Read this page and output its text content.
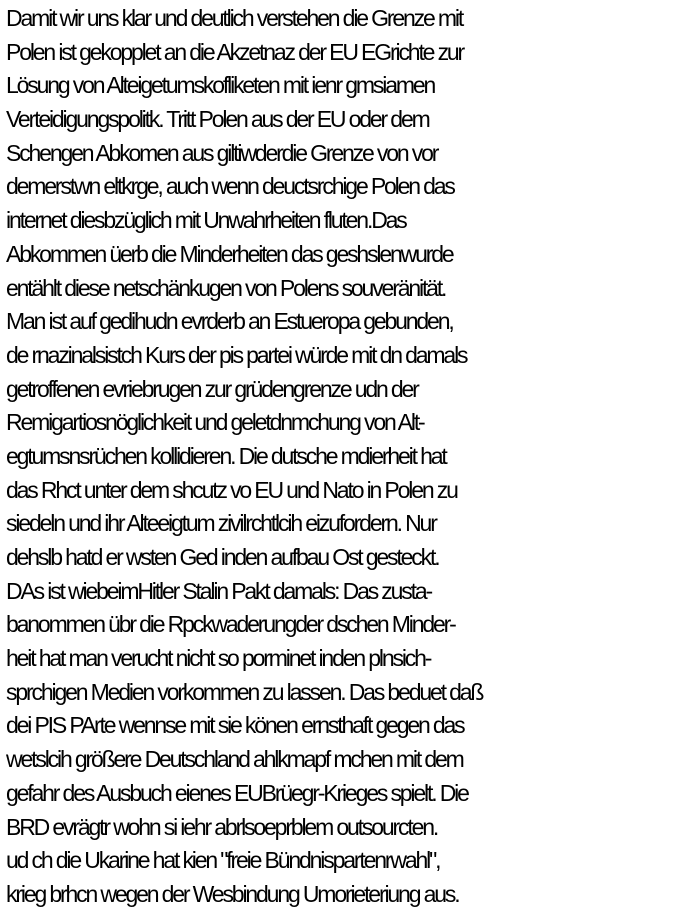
Damit wir uns klar und deutlich verstehen die Grenze mit
Polen ist gekopplet an die Akzetnaz der EU EGrichte zur
Lösung von Alteigetumskofliketen mit ienr gmsiamen
Verteidigungspolitk. Tritt Polen aus der EU oder dem
Schengen Abkomen aus giltiwderdie Grenze von vor
demerstwn eltkrge, auch wenn deuctsrchige Polen das
internet diesbzüglich mit Unwahrheiten fluten.Das
Abkommen üerb die Minderheiten das geshslenwurde
entählt diese netschänkugen von Polens souveränität.
Man ist auf gedihudn evrderb an Estueropa gebunden,
de rnazinalsistch Kurs der pis partei würde mit dn damals
getroffenen evriebrugen zur grüdengrenze udn der
Remigartiosnöglichkeit und geletdnmchung von Alt-
egtumsnsrüchen kollidieren. Die dutsche mdierheit hat
das Rhct unter dem shcutz vo EU und Nato in Polen zu
siedeln und ihr Alteeigtum zivilrchtlcih eizufordern. Nur
dehslb hatd er wsten Ged inden aufbau Ost gesteckt.
DAs ist wiebeimHitler Stalin Pakt damals: Das zusta-
banommen übr die Rpckwaderungder dschen Minder-
heit hat man verucht nicht so porminet inden plnsich-
sprchigen Medien vorkommen zu lassen. Das beduet daß
dei PIS PArte wennse mit sie könen ernsthaft gegen das
wetslcih größere Deutschland ahlkmapf mchen mit dem
gefahr des Ausbuch eienes EUBrüegr-Krieges spielt. Die
BRD evrägtr wohn si iehr abrlsoeprblem outsourcten.
ud ch die Ukarine hat kien "freie Bündnispartenrwahl",
krieg brhcn wegen der Wesbindung Umorieteriung aus.
